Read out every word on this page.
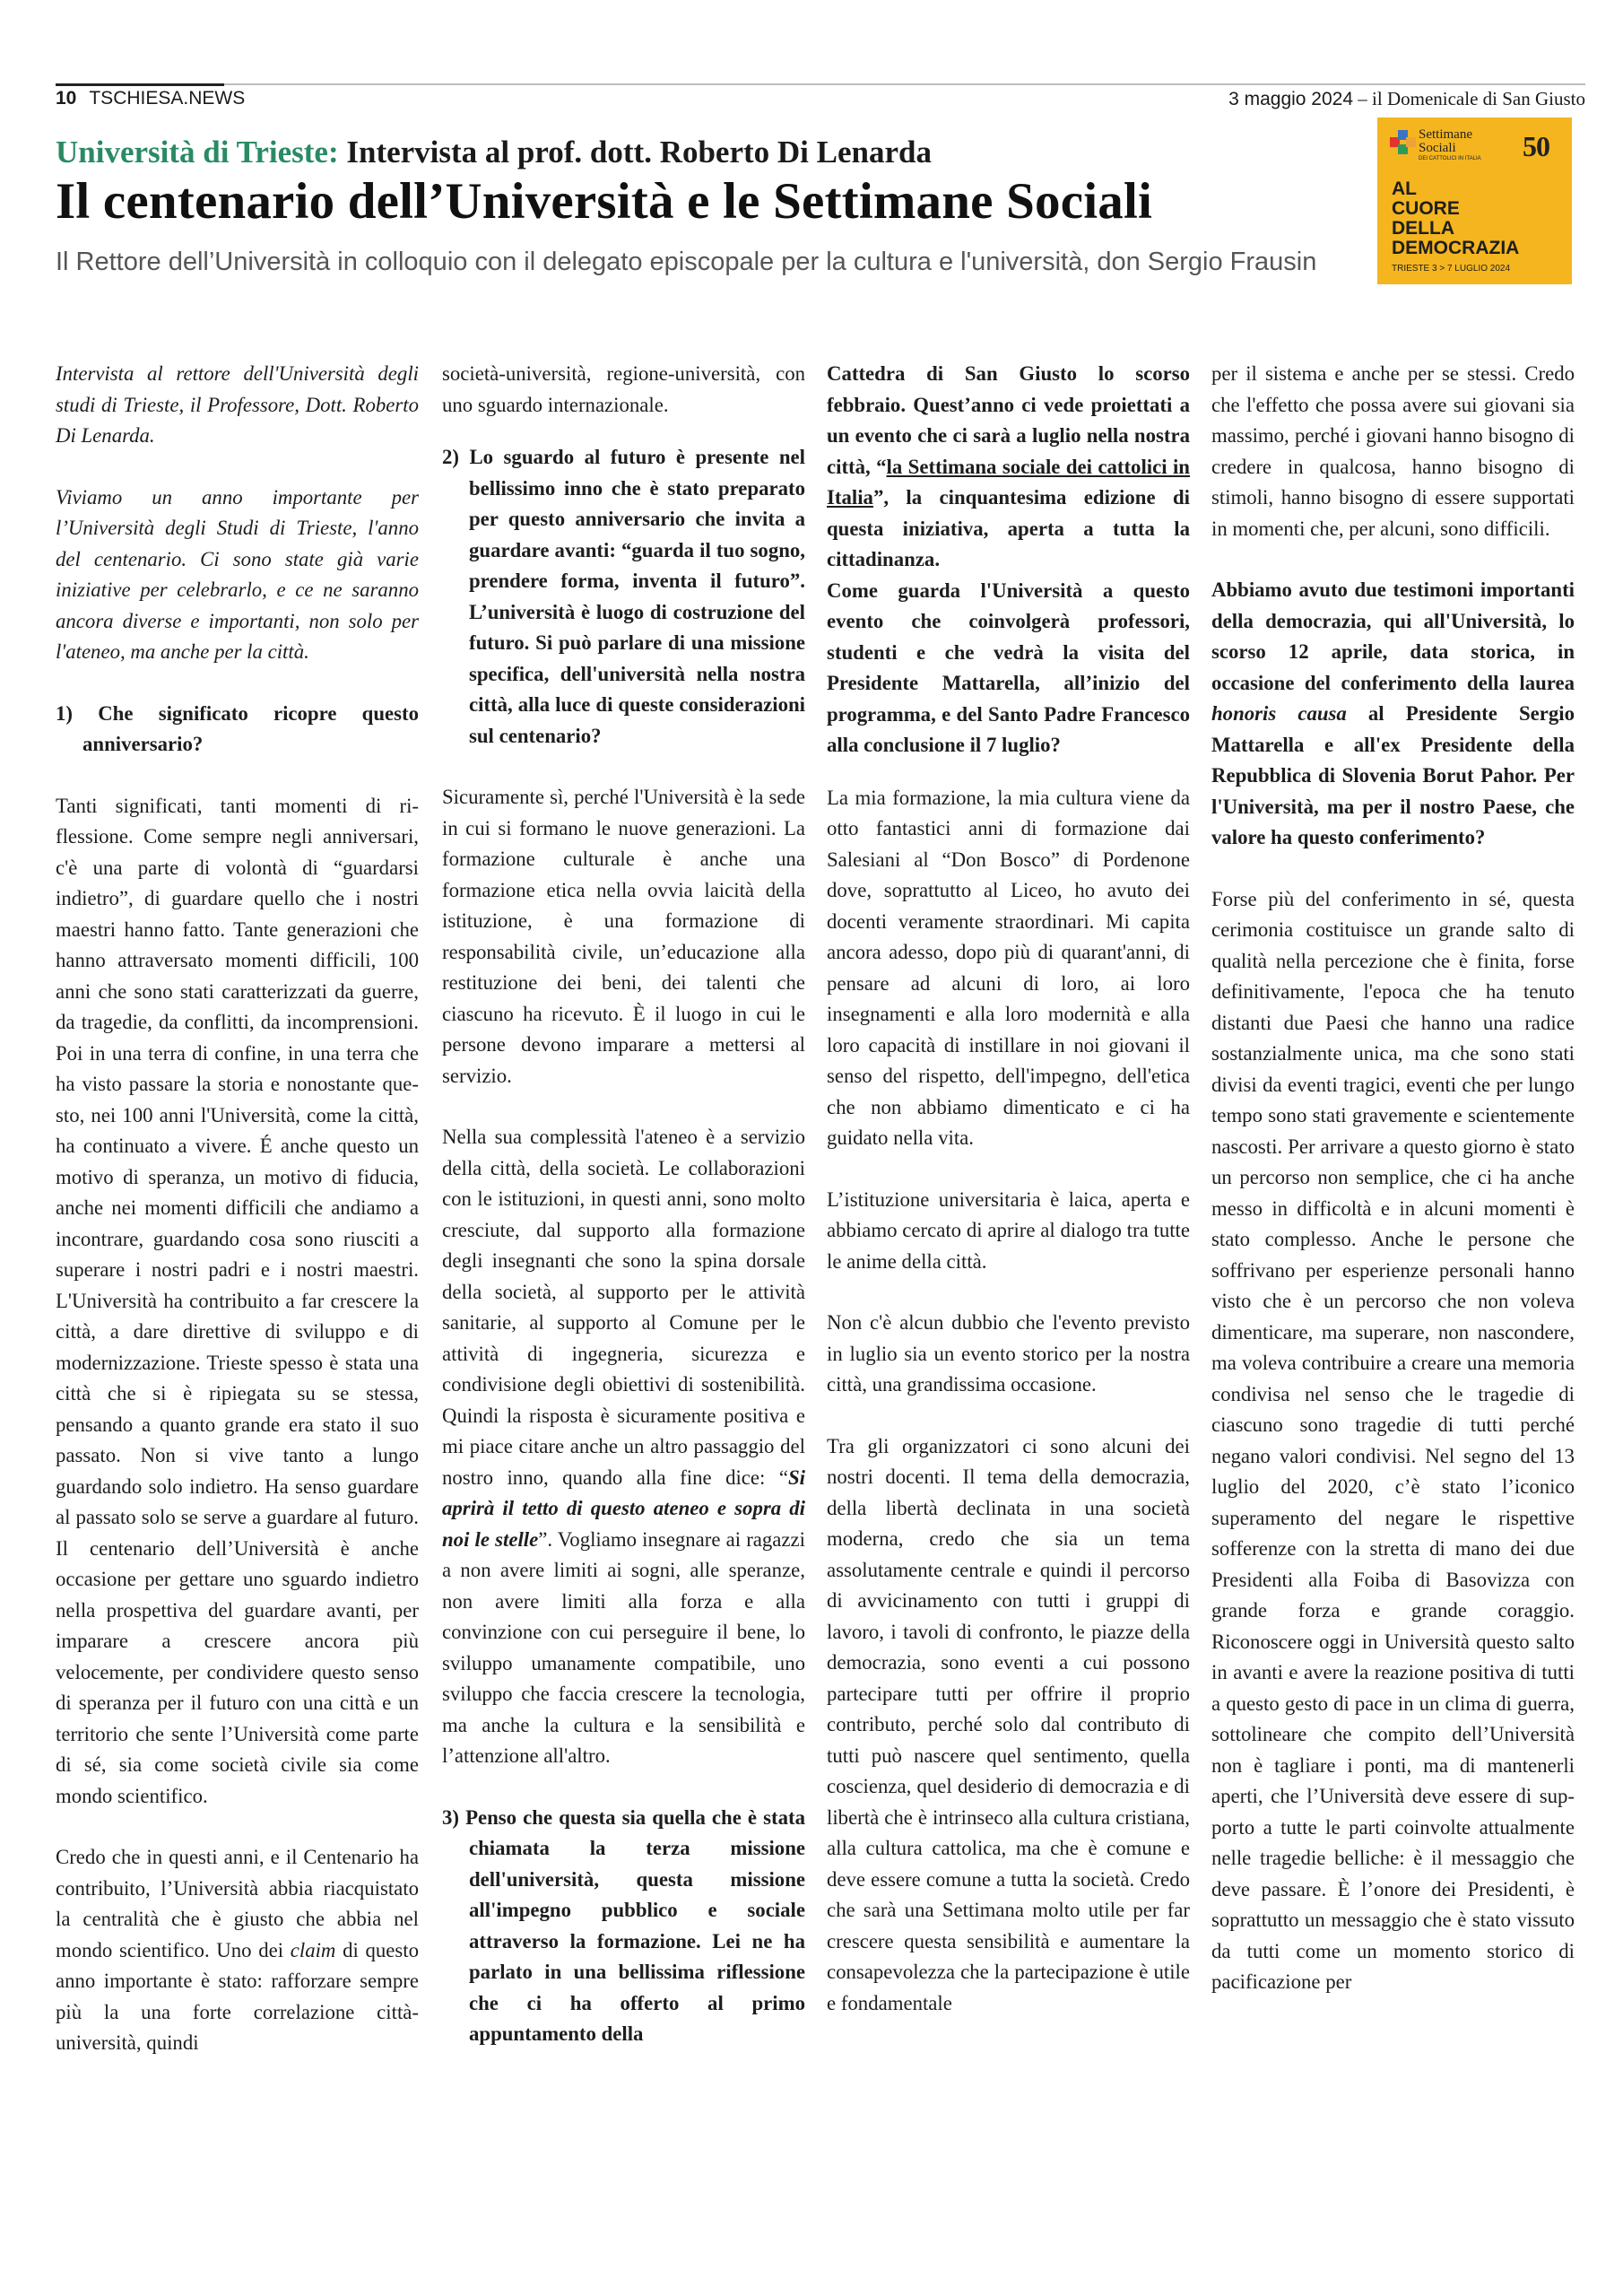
10 TSCHIESA.NEWS	3 maggio 2024 – il Domenicale di San Giusto
Università di Trieste: Intervista al prof. dott. Roberto Di Lenarda
Il centenario dell’Università e le Settimane Sociali
Il Rettore dell’Università in colloquio con il delegato episcopale per la cultura e l'università, don Sergio Frausin
Settimane
Sociali
DEI CATTOLICI IN ITALIA 50
AL
CUORE
DELLA
DEMOCRAZIA
TRIESTE 3 > 7 LUGLIO 2024

Intervista al rettore dell'Università degli studi di Trieste, il Professore, Dott. Roberto Di Lenarda.

Viviamo un anno importante per l’Università degli Studi di Trieste, l'anno del centenario. Ci sono state già varie iniziative per celebrarlo, e ce ne saranno ancora diverse e importanti, non solo per l'ateneo, ma anche per la città.

1) Che significato ricopre questo anniversario?

Tanti significati, tanti momenti di riflessione. Come sempre negli anniversari, c'è una parte di volontà di “guardarsi indietro”, di guardare quello che i nostri maestri hanno fatto. Tante generazioni che hanno attraversato momenti difficili, 100 anni che sono stati caratterizzati da guerre, da tragedie, da conflitti, da incomprensioni. Poi in una terra di confine, in una terra che ha visto passare la storia e nonostante questo, nei 100 anni l'Università, come la città, ha continuato a vivere. É anche questo un motivo di speranza, un motivo di fiducia, anche nei momenti difficili che andiamo a incontrare, guardando cosa sono riusciti a superare i nostri padri e i nostri maestri. L'Università ha contribuito a far crescere la città, a dare direttive di sviluppo e di modernizzazione. Trieste spesso è stata una città che si è ripiegata su se stessa, pensando a quanto grande era stato il suo passato. Non si vive tanto a lungo guardando solo indietro. Ha senso guardare al passato solo se serve a guardare al futuro. Il centenario dell’Università è anche occasione per gettare uno sguardo indietro nella prospettiva del guardare avanti, per imparare a crescere ancora più velocemente, per condividere questo senso di speranza per il futuro con una città e un territorio che sente l’Università come parte di sé, sia come società civile sia come mondo scientifico.

Credo che in questi anni, e il Centenario ha contribuito, l’Università abbia riacquistato la centralità che è giusto che abbia nel mondo scientifico. Uno dei claim di questo anno importante è stato: rafforzare sempre più la una forte correlazione città-università, quindi

società-università, regione-università, con uno sguardo internazionale.

2) Lo sguardo al futuro è presente nel bellissimo inno che è stato preparato per questo anniversario che invita a guardare avanti: “guarda il tuo sogno, prendere forma, inventa il futuro”. L’università è luogo di costruzione del futuro. Si può parlare di una missione specifica, dell'università nella nostra città, alla luce di queste considerazioni sul centenario?

Sicuramente sì, perché l'Università è la sede in cui si formano le nuove generazioni. La formazione culturale è anche una formazione etica nella ovvia laicità della istituzione, è una formazione di responsabilità civile, un’educazione alla restituzione dei beni, dei talenti che ciascuno ha ricevuto. È il luogo in cui le persone devono imparare a mettersi al servizio.

Nella sua complessità l'ateneo è a servizio della città, della società. Le collaborazioni con le istituzioni, in questi anni, sono molto cresciute, dal supporto alla formazione degli insegnanti che sono la spina dorsale della società, al supporto per le attività sanitarie, al supporto al Comune per le attività di ingegneria, sicurezza e condivisione degli obiettivi di sostenibilità. Quindi la risposta è sicuramente positiva e mi piace citare anche un altro passaggio del nostro inno, quando alla fine dice: “Si aprirà il tetto di questo ateneo e sopra di noi le stelle”. Vogliamo insegnare ai ragazzi a non avere limiti ai sogni, alle speranze, non avere limiti alla forza e alla convinzione con cui perseguire il bene, lo sviluppo umanamente compatibile, uno sviluppo che faccia crescere la tecnologia, ma anche la cultura e la sensibilità e l’attenzione all'altro.

3) Penso che questa sia quella che è stata chiamata la terza missione dell'università, questa missione all'impegno pubblico e sociale attraverso la formazione. Lei ne ha parlato in una bellissima riflessione che ci ha offerto al primo appuntamento della

Cattedra di San Giusto lo scorso febbraio. Quest’anno ci vede proiettati a un evento che ci sarà a luglio nella nostra città, “la Settimana sociale dei cattolici in Italia”, la cinquantesima edizione di questa iniziativa, aperta a tutta la cittadinanza.

Come guarda l'Università a questo evento che coinvolgerà professori, studenti e che vedrà la visita del Presidente Mattarella, all’inizio del programma, e del Santo Padre Francesco alla conclusione il 7 luglio?

La mia formazione, la mia cultura viene da otto fantastici anni di formazione dai Salesiani al “Don Bosco” di Pordenone dove, soprattutto al Liceo, ho avuto dei docenti veramente straordinari. Mi capita ancora adesso, dopo più di quarant'anni, di pensare ad alcuni di loro, ai loro insegnamenti e alla loro modernità e alla loro capacità di instillare in noi giovani il senso del rispetto, dell'impegno, dell'etica che non abbiamo dimenticato e ci ha guidato nella vita.

L’istituzione universitaria è laica, aperta e abbiamo cercato di aprire al dialogo tra tutte le anime della città.

Non c'è alcun dubbio che l'evento previsto in luglio sia un evento storico per la nostra città, una grandissima occasione.

Tra gli organizzatori ci sono alcuni dei nostri docenti. Il tema della democrazia, della libertà declinata in una società moderna, credo che sia un tema assolutamente centrale e quindi il percorso di avvicinamento con tutti i gruppi di lavoro, i tavoli di confronto, le piazze della democrazia, sono eventi a cui possono partecipare tutti per offrire il proprio contributo, perché solo dal contributo di tutti può nascere quel sentimento, quella coscienza, quel desiderio di democrazia e di libertà che è intrinseco alla cultura cristiana, alla cultura cattolica, ma che è comune e deve essere comune a tutta la società. Credo che sarà una Settimana molto utile per far crescere questa sensibilità e aumentare la consapevolezza che la partecipazione è utile e fondamentale

per il sistema e anche per se stessi. Credo che l'effetto che possa avere sui giovani sia massimo, perché i giovani hanno bisogno di credere in qualcosa, hanno bisogno di stimoli, hanno bisogno di essere supportati in momenti che, per alcuni, sono difficili.

Abbiamo avuto due testimoni importanti della democrazia, qui all'Università, lo scorso 12 aprile, data storica, in occasione del conferimento della laurea honoris causa al Presidente Sergio Mattarella e all'ex Presidente della Repubblica di Slovenia Borut Pahor. Per l'Università, ma per il nostro Paese, che valore ha questo conferimento?

Forse più del conferimento in sé, questa cerimonia costituisce un grande salto di qualità nella percezione che è finita, forse definitivamente, l'epoca che ha tenuto distanti due Paesi che hanno una radice sostanzialmente unica, ma che sono stati divisi da eventi tragici, eventi che per lungo tempo sono stati gravemente e scientemente nascosti. Per arrivare a questo giorno è stato un percorso non semplice, che ci ha anche messo in difficoltà e in alcuni momenti è stato complesso. Anche le persone che soffrivano per esperienze personali hanno visto che è un percorso che non voleva dimenticare, ma superare, non nascondere, ma voleva contribuire a creare una memoria condivisa nel senso che le tragedie di ciascuno sono tragedie di tutti perché negano valori condivisi. Nel segno del 13 luglio del 2020, c’è stato l’iconico superamento del negare le rispettive sofferenze con la stretta di mano dei due Presidenti alla Foiba di Basovizza con grande forza e grande coraggio. Riconoscere oggi in Università questo salto in avanti e avere la reazione positiva di tutti a questo gesto di pace in un clima di guerra, sottolineare che compito dell’Università non è tagliare i ponti, ma di mantenerli aperti, che l’Università deve essere di supporto a tutte le parti coinvolte attualmente nelle tragedie belliche: è il messaggio che deve passare. È l’onore dei Presidenti, è soprattutto un messaggio che è stato vissuto da tutti come un momento storico di pacificazione per
